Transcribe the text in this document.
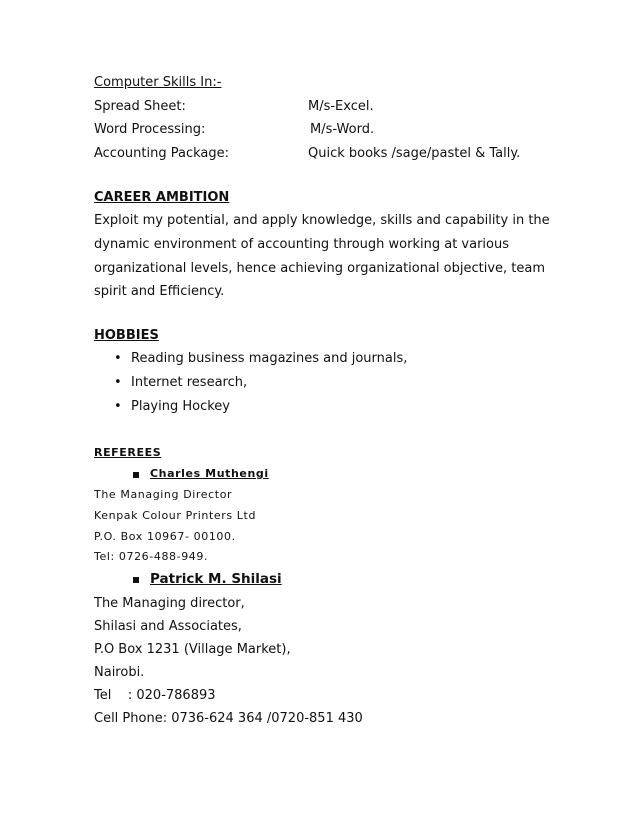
Computer Skills In:-
Spread Sheet:	M/s-Excel.
Word Processing:	M/s-Word.
Accounting Package:	Quick books /sage/pastel & Tally.
CAREER AMBITION
Exploit my potential, and apply knowledge, skills and capability in the
dynamic environment of accounting through working at various
organizational levels, hence achieving organizational objective, team
spirit and Efficiency.
HOBBIES
• Reading business magazines and journals,
• Internet research,
• Playing Hockey
REFEREES
Charles Muthengi
The Managing Director
Kenpak Colour Printers Ltd
P.O. Box 10967- 00100.
Tel: 0726-488-949.
Patrick M. Shilasi
The Managing director,
Shilasi and Associates,
P.O Box 1231 (Village Market),
Nairobi.
Tel    : 020-786893
Cell Phone: 0736-624 364 /0720-851 430
